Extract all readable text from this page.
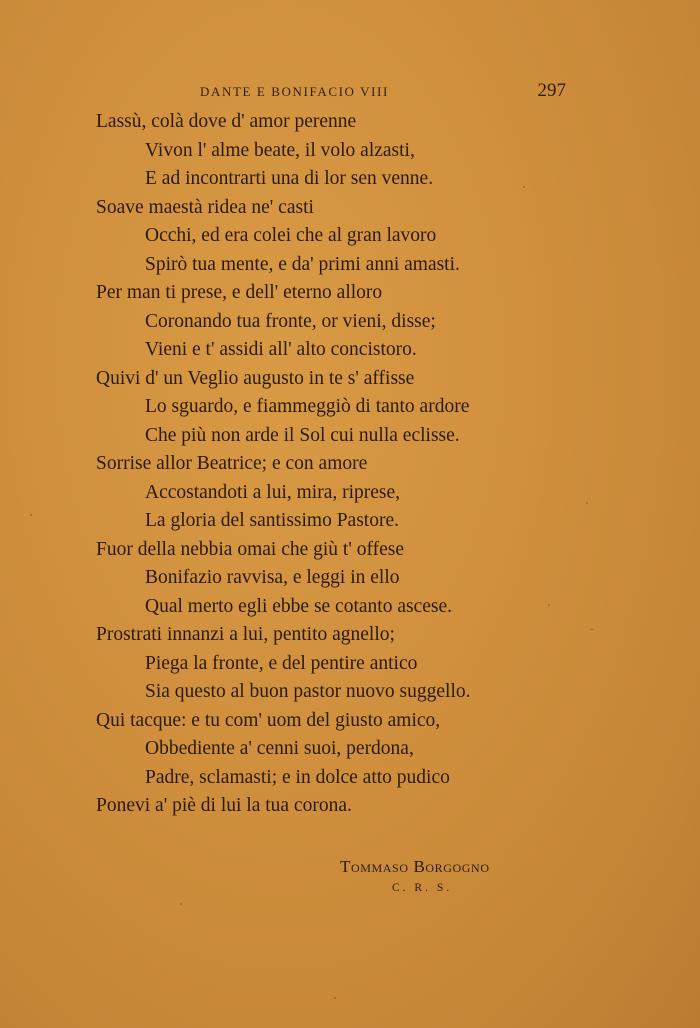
DANTE E BONIFACIO VIII	297
Lassù, colà dove d' amor perenne
Vivon l' alme beate, il volo alzasti,
E ad incontrarti una di lor sen venne.
Soave maestà ridea ne' casti
Occhi, ed era colei che al gran lavoro
Spirò tua mente, e da' primi anni amasti.
Per man ti prese, e dell' eterno alloro
Coronando tua fronte, or vieni, disse;
Vieni e t' assidi all' alto concistoro.
Quivi d' un Veglio augusto in te s' affisse
Lo sguardo, e fiammeggiò di tanto ardore
Che più non arde il Sol cui nulla eclisse.
Sorrise allor Beatrice; e con amore
Accostandoti a lui, mira, riprese,
La gloria del santissimo Pastore.
Fuor della nebbia omai che giù t' offese
Bonifazio ravvisa, e leggi in ello
Qual merto egli ebbe se cotanto ascese.
Prostrati innanzi a lui, pentito agnello;
Piega la fronte, e del pentire antico
Sia questo al buon pastor nuovo suggello.
Qui tacque: e tu com' uom del giusto amico,
Obbediente a' cenni suoi, perdona,
Padre, sclamasti; e in dolce atto pudico
Ponevi a' piè di lui la tua corona.
Tommaso Borgogno
C. R. S.
